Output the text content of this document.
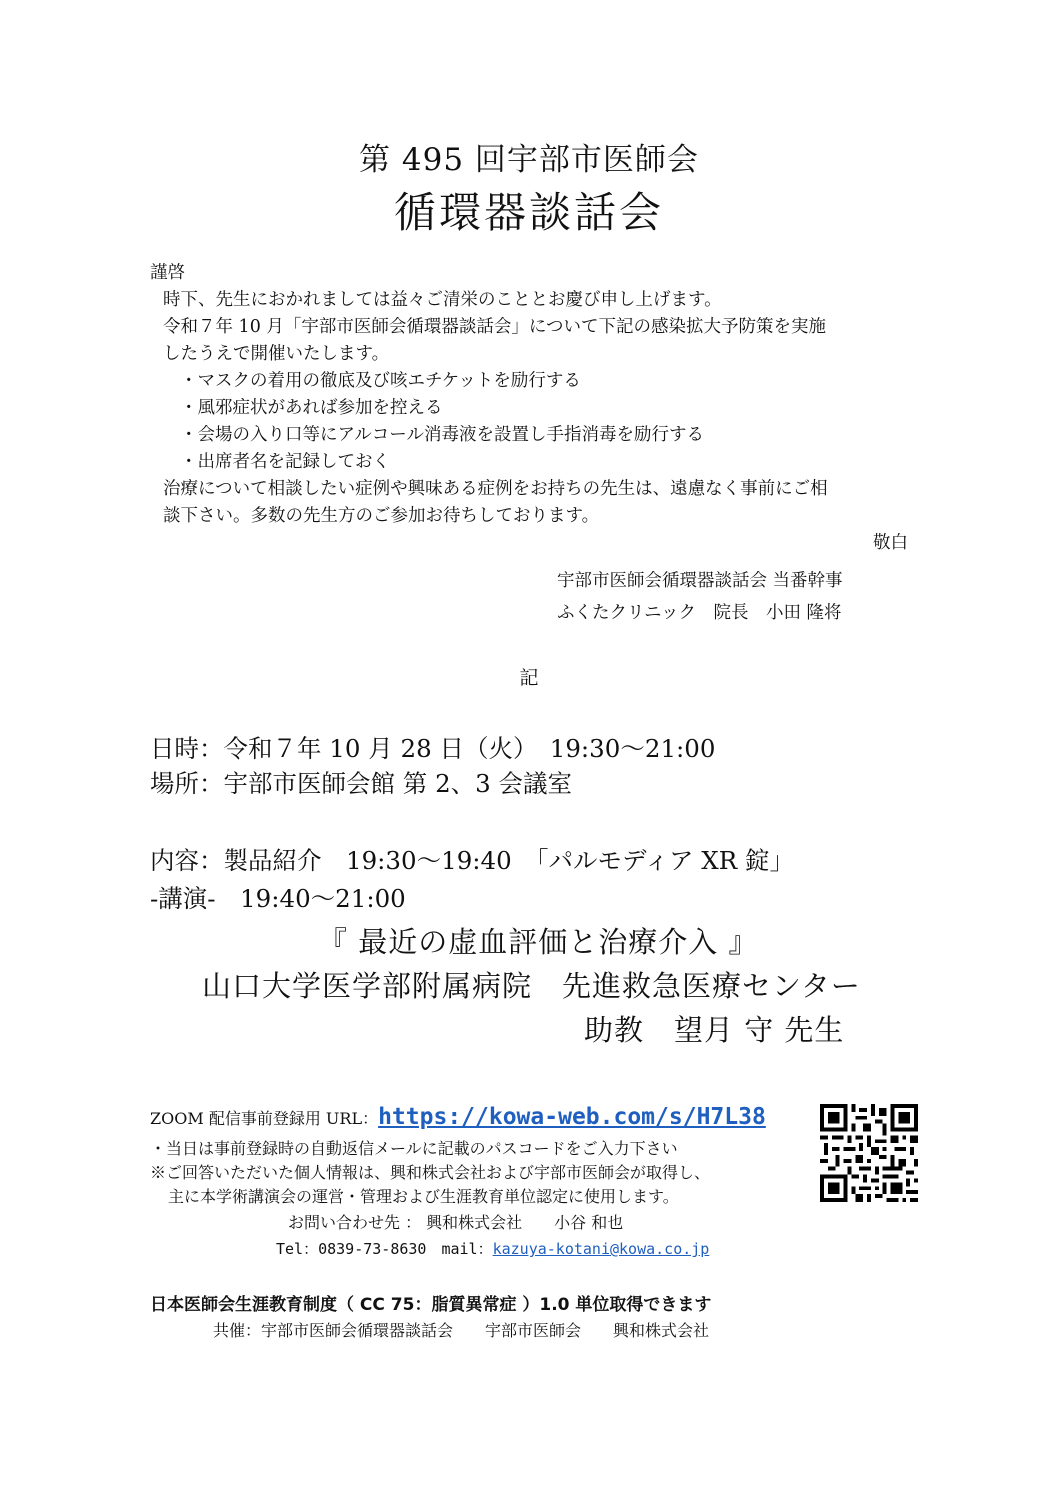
第 495 回宇部市医師会
循環器談話会
謹啓
時下、先生におかれましては益々ご清栄のこととお慶び申し上げます。
令和７年 10 月「宇部市医師会循環器談話会」について下記の感染拡大予防策を実施
したうえで開催いたします。
・マスクの着用の徹底及び咳エチケットを励行する
・風邪症状があれば参加を控える
・会場の入り口等にアルコール消毒液を設置し手指消毒を励行する
・出席者名を記録しておく
治療について相談したい症例や興味ある症例をお持ちの先生は、遠慮なく事前にご相
談下さい。多数の先生方のご参加お待ちしております。
敬白
宇部市医師会循環器談話会 当番幹事
ふくたクリニック　院長　小田 隆将
記
日時：令和７年 10 月 28 日（火）　19:30～21:00
場所：宇部市医師会館 第 2、3 会議室
内容：製品紹介　19:30～19:40　「パルモディア XR 錠」
-講演-　19:40～21:00
『 最近の虚血評価と治療介入 』
山口大学医学部附属病院　先進救急医療センター
助教　望月 守 先生
ZOOM 配信事前登録用 URL：https://kowa-web.com/s/H7L38
・当日は事前登録時の自動返信メールに記載のパスコードをご入力下さい
※ご回答いただいた個人情報は、興和株式会社および宇部市医師会が取得し、
主に本学術講演会の運営・管理および生涯教育単位認定に使用します。
お問い合わせ先 ： 興和株式会社　　小谷 和也
Tel：0839-73-8630　mail：kazuya-kotani@kowa.co.jp
日本医師会生涯教育制度（ CC 75：脂質異常症 ）1.0 単位取得できます
共催：宇部市医師会循環器談話会　　宇部市医師会　　興和株式会社
